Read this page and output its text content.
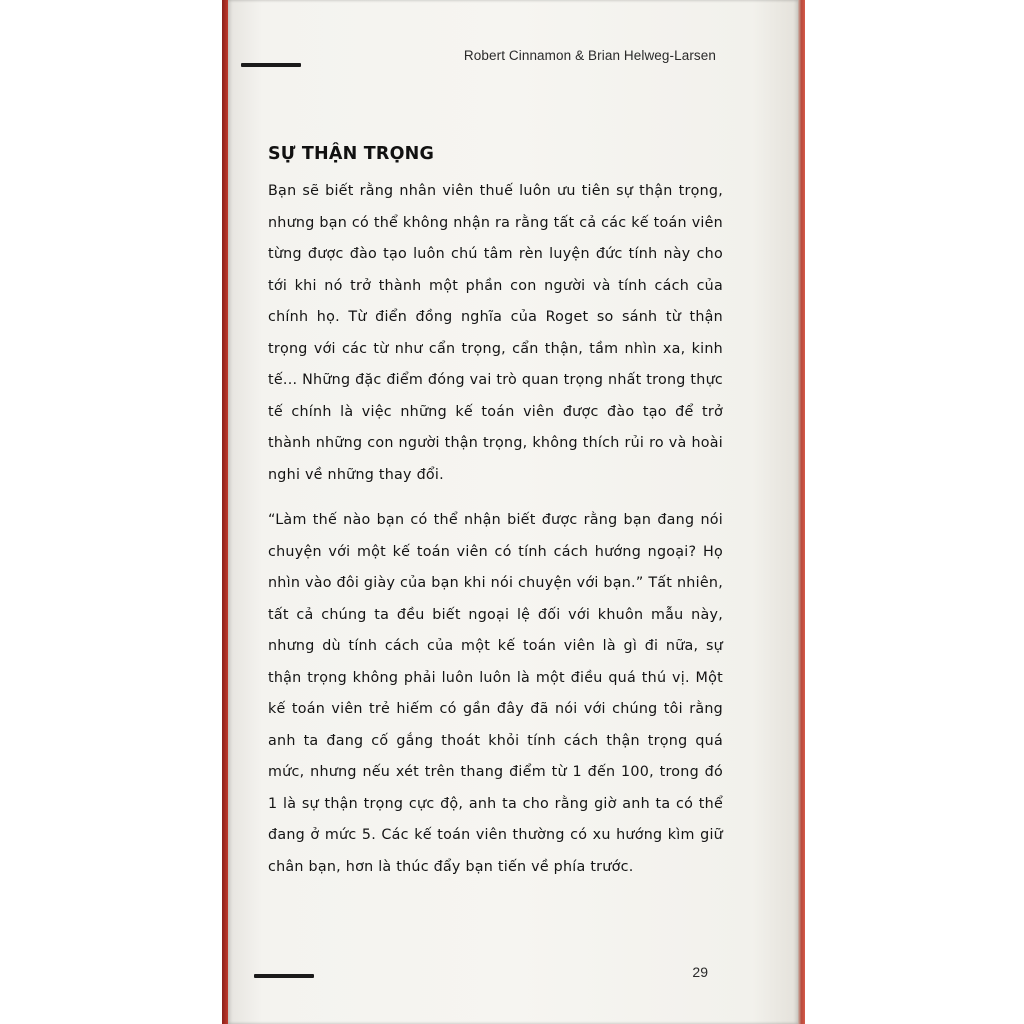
Robert Cinnamon & Brian Helweg-Larsen
SỰ THẬN TRỌNG

Bạn sẽ biết rằng nhân viên thuế luôn ưu tiên sự thận trọng, nhưng bạn có thể không nhận ra rằng tất cả các kế toán viên từng được đào tạo luôn chú tâm rèn luyện đức tính này cho tới khi nó trở thành một phần con người và tính cách của chính họ. Từ điển đồng nghĩa của Roget so sánh từ thận trọng với các từ như cẩn trọng, cẩn thận, tầm nhìn xa, kinh tế... Những đặc điểm đóng vai trò quan trọng nhất trong thực tế chính là việc những kế toán viên được đào tạo để trở thành những con người thận trọng, không thích rủi ro và hoài nghi về những thay đổi.

“Làm thế nào bạn có thể nhận biết được rằng bạn đang nói chuyện với một kế toán viên có tính cách hướng ngoại? Họ nhìn vào đôi giày của bạn khi nói chuyện với bạn.” Tất nhiên, tất cả chúng ta đều biết ngoại lệ đối với khuôn mẫu này, nhưng dù tính cách của một kế toán viên là gì đi nữa, sự thận trọng không phải luôn luôn là một điều quá thú vị. Một kế toán viên trẻ hiếm có gần đây đã nói với chúng tôi rằng anh ta đang cố gắng thoát khỏi tính cách thận trọng quá mức, nhưng nếu xét trên thang điểm từ 1 đến 100, trong đó 1 là sự thận trọng cực độ, anh ta cho rằng giờ anh ta có thể đang ở mức 5. Các kế toán viên thường có xu hướng kìm giữ chân bạn, hơn là thúc đẩy bạn tiến về phía trước.

29
